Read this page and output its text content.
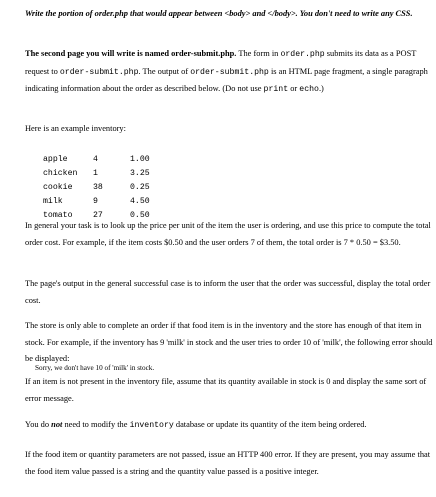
Write the portion of order.php that would appear between <body> and </body>. You don't need to write any CSS.

The second page you will write is named order-submit.php. The form in order.php submits its data as a POST request to order-submit.php. The output of order-submit.php is an HTML page fragment, a single paragraph indicating information about the order as described below. (Do not use print or echo.)

Here is an example inventory:

apple	4	1.00
chicken 1	3.25
cookie	38	0.25
milk	9	4.50
tomato	27	0.50

In general your task is to look up the price per unit of the item the user is ordering, and use this price to compute the total order cost. For example, if the item costs $0.50 and the user orders 7 of them, the total order is 7 * 0.50 = $3.50.

The page's output in the general successful case is to inform the user that the order was successful, display the total order cost.

The store is only able to complete an order if that food item is in the inventory and the store has enough of that item in stock. For example, if the inventory has 9 'milk' in stock and the user tries to order 10 of 'milk', the following error should be displayed:

Sorry, we don't have 10 of 'milk' in stock.

If an item is not present in the inventory file, assume that its quantity available in stock is 0 and display the same sort of error message.

You do not need to modify the inventory database or update its quantity of the item being ordered.

If the food item or quantity parameters are not passed, issue an HTTP 400 error. If they are present, you may assume that the food item value passed is a string and the quantity value passed is a positive integer.
